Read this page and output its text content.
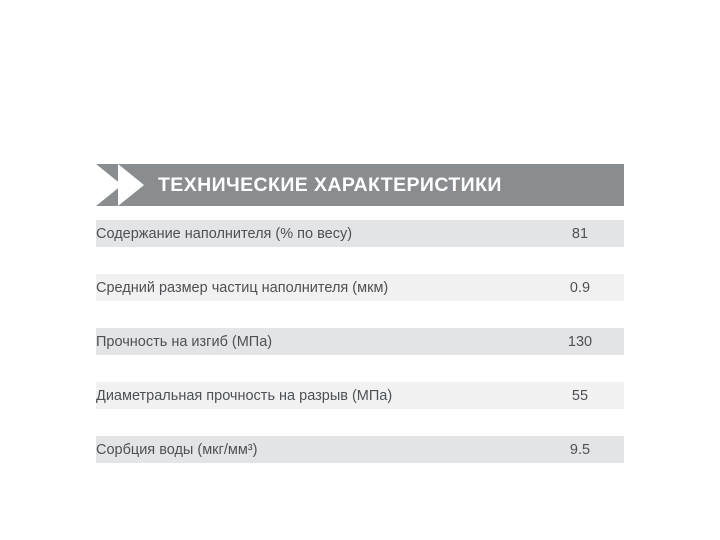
ТЕХНИЧЕСКИЕ ХАРАКТЕРИСТИКИ
Содержание наполнителя (% по весу)	81

Средний размер частиц наполнителя (мкм)	0.9

Прочность на изгиб (МПа)	130

Диаметральная прочность на разрыв (МПа)	55

Сорбция воды (мкг/мм³)	9.5
